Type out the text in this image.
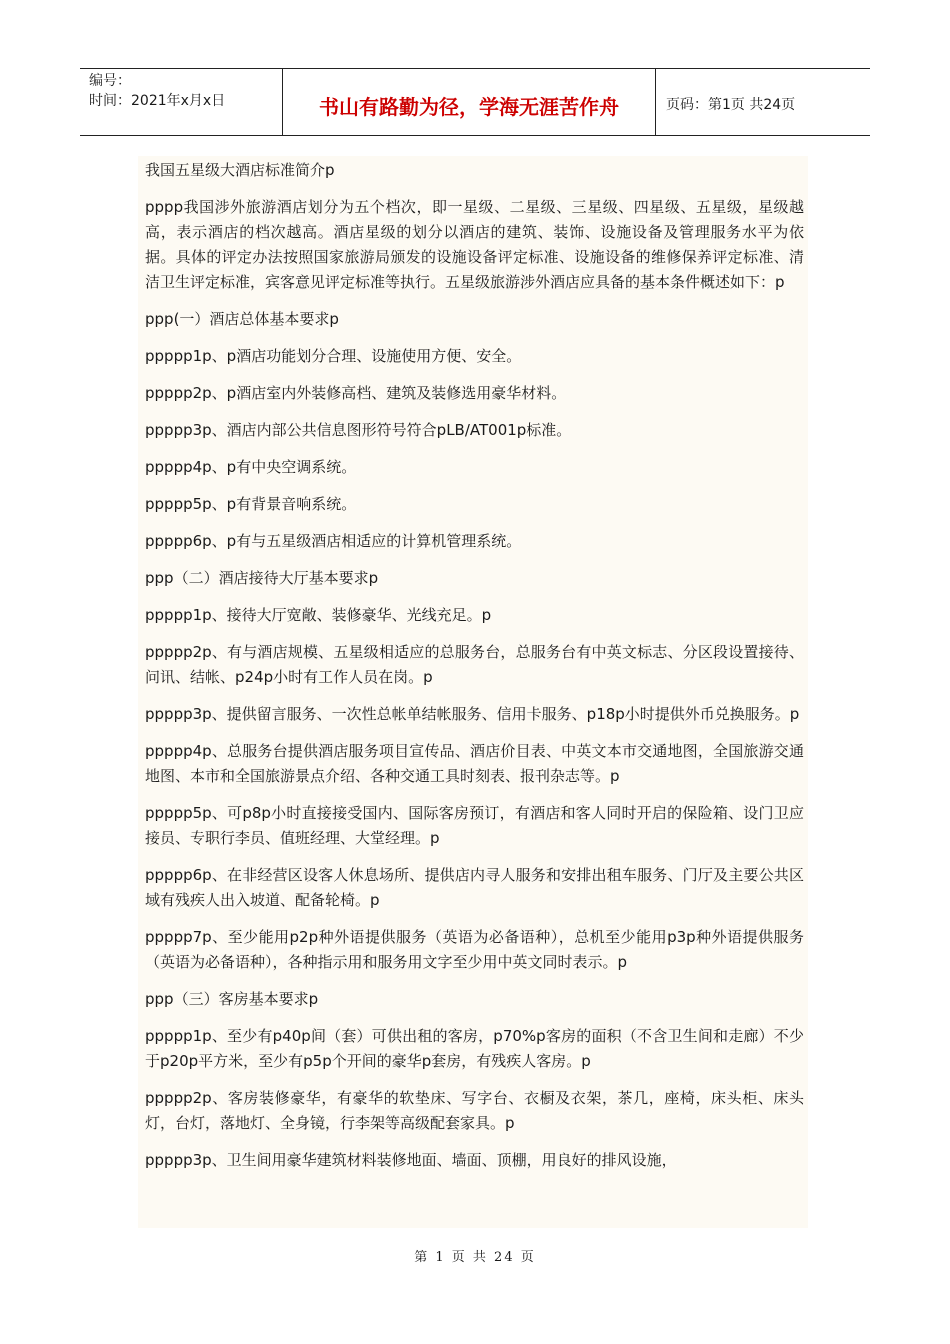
编号：
时间：2021年x月x日	书山有路勤为径，学海无涯苦作舟	页码：第1页 共24页

我国五星级大酒店标准简介p

pppp我国涉外旅游酒店划分为五个档次，即一星级、二星级、三星级、四星级、五星级，星级越高，表示酒店的档次越高。酒店星级的划分以酒店的建筑、装饰、设施设备及管理服务水平为依据。具体的评定办法按照国家旅游局颁发的设施设备评定标准、设施设备的维修保养评定标准、清洁卫生评定标准，宾客意见评定标准等执行。五星级旅游涉外酒店应具备的基本条件概述如下：p

ppp(一）酒店总体基本要求p

ppppp1p、p酒店功能划分合理、设施使用方便、安全。

ppppp2p、p酒店室内外装修高档、建筑及装修选用豪华材料。

ppppp3p、酒店内部公共信息图形符号符合pLB/AT001p标准。

ppppp4p、p有中央空调系统。

ppppp5p、p有背景音响系统。

ppppp6p、p有与五星级酒店相适应的计算机管理系统。

ppp（二）酒店接待大厅基本要求p

ppppp1p、接待大厅宽敞、装修豪华、光线充足。p

ppppp2p、有与酒店规模、五星级相适应的总服务台，总服务台有中英文标志、分区段设置接待、问讯、结帐、p24p小时有工作人员在岗。p

ppppp3p、提供留言服务、一次性总帐单结帐服务、信用卡服务、p18p小时提供外币兑换服务。p

ppppp4p、总服务台提供酒店服务项目宣传品、酒店价目表、中英文本市交通地图，全国旅游交通地图、本市和全国旅游景点介绍、各种交通工具时刻表、报刊杂志等。p

ppppp5p、可p8p小时直接接受国内、国际客房预订，有酒店和客人同时开启的保险箱、设门卫应接员、专职行李员、值班经理、大堂经理。p

ppppp6p、在非经营区设客人休息场所、提供店内寻人服务和安排出租车服务、门厅及主要公共区域有残疾人出入坡道、配备轮椅。p

ppppp7p、至少能用p2p种外语提供服务（英语为必备语种），总机至少能用p3p种外语提供服务（英语为必备语种），各种指示用和服务用文字至少用中英文同时表示。p

ppp（三）客房基本要求p

ppppp1p、至少有p40p间（套）可供出租的客房，p70%p客房的面积（不含卫生间和走廊）不少于p20p平方米，至少有p5p个开间的豪华p套房，有残疾人客房。p

ppppp2p、客房装修豪华，有豪华的软垫床、写字台、衣橱及衣架，茶几，座椅，床头柜、床头灯，台灯，落地灯、全身镜，行李架等高级配套家具。p

ppppp3p、卫生间用豪华建筑材料装修地面、墙面、顶棚，用良好的排风设施，

第 1 页 共 24 页
